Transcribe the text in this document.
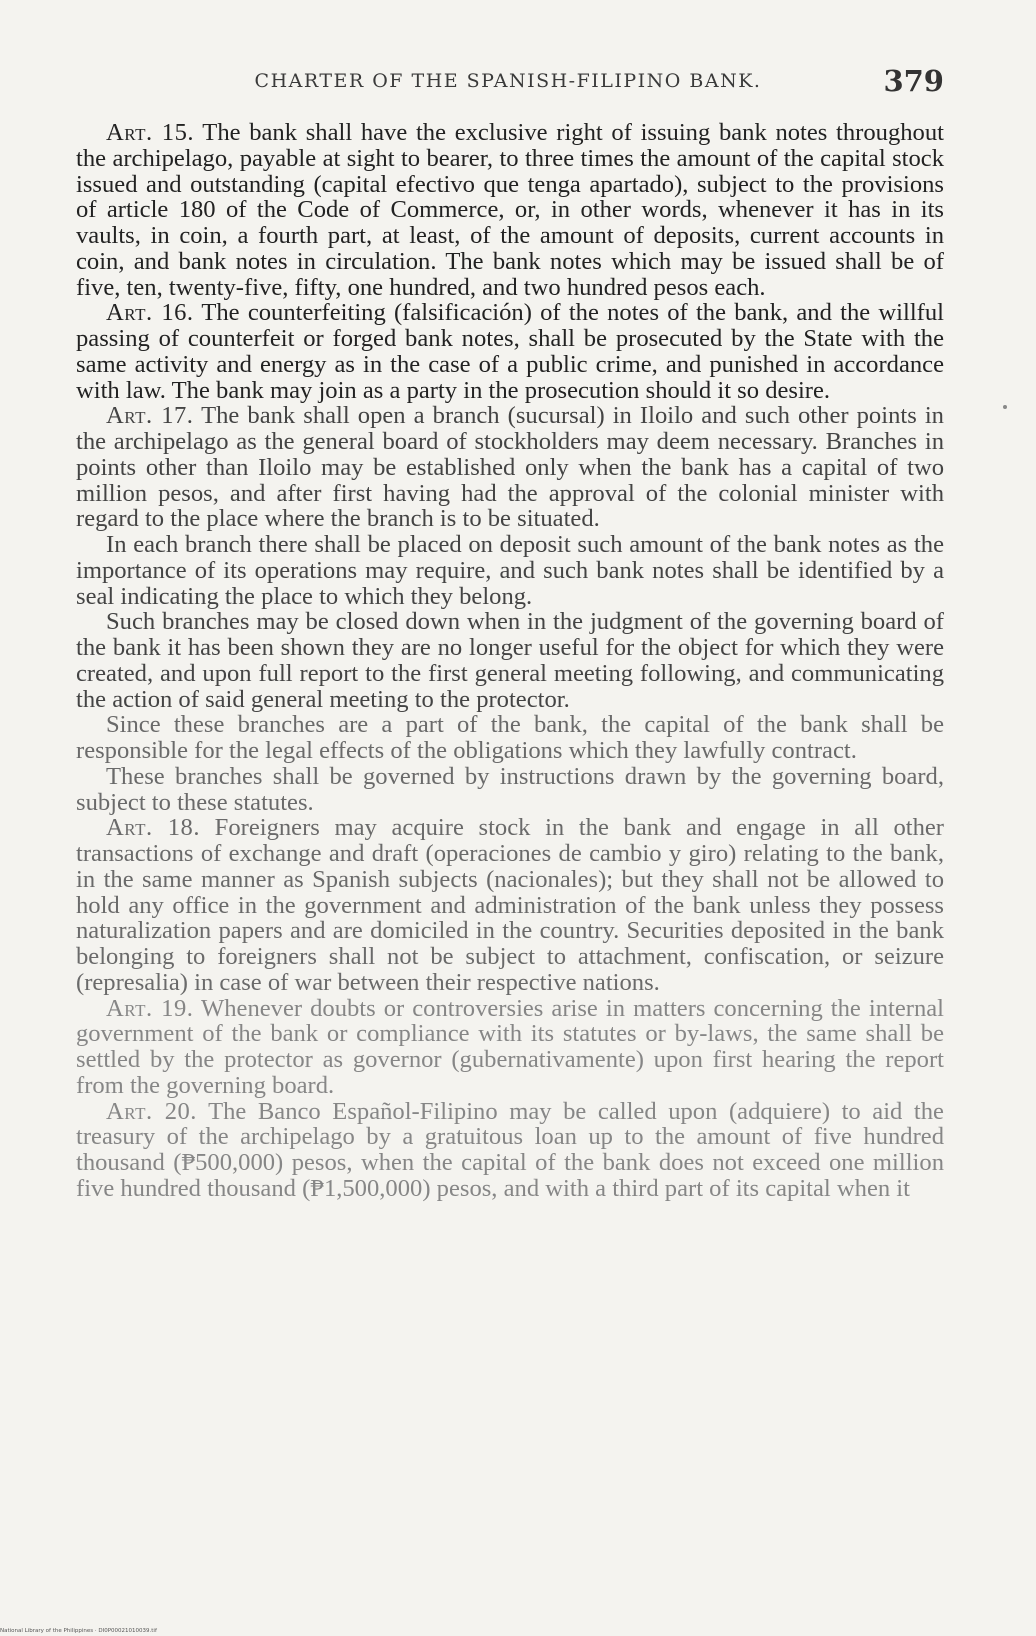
CHARTER OF THE SPANISH-FILIPINO BANK.	379

Art. 15. The bank shall have the exclusive right of issuing bank notes throughout the archipelago, payable at sight to bearer, to three times the amount of the capital stock issued and outstanding (capital efectivo que tenga apartado), subject to the provisions of article 180 of the Code of Commerce, or, in other words, whenever it has in its vaults, in coin, a fourth part, at least, of the amount of deposits, current accounts in coin, and bank notes in circulation. The bank notes which may be issued shall be of five, ten, twenty-five, fifty, one hundred, and two hundred pesos each.

Art. 16. The counterfeiting (falsificación) of the notes of the bank, and the willful passing of counterfeit or forged bank notes, shall be prosecuted by the State with the same activity and energy as in the case of a public crime, and punished in accordance with law. The bank may join as a party in the prosecution should it so desire.

Art. 17. The bank shall open a branch (sucursal) in Iloilo and such other points in the archipelago as the general board of stockholders may deem necessary. Branches in points other than Iloilo may be established only when the bank has a capital of two million pesos, and after first having had the approval of the colonial minister with regard to the place where the branch is to be situated.

In each branch there shall be placed on deposit such amount of the bank notes as the importance of its operations may require, and such bank notes shall be identified by a seal indicating the place to which they belong.

Such branches may be closed down when in the judgment of the governing board of the bank it has been shown they are no longer useful for the object for which they were created, and upon full report to the first general meeting following, and communicating the action of said general meeting to the protector.

Since these branches are a part of the bank, the capital of the bank shall be responsible for the legal effects of the obligations which they lawfully contract.

These branches shall be governed by instructions drawn by the governing board, subject to these statutes.

Art. 18. Foreigners may acquire stock in the bank and engage in all other transactions of exchange and draft (operaciones de cambio y giro) relating to the bank, in the same manner as Spanish subjects (nacionales); but they shall not be allowed to hold any office in the government and administration of the bank unless they possess naturalization papers and are domiciled in the country. Securities deposited in the bank belonging to foreigners shall not be subject to attachment, confiscation, or seizure (represalia) in case of war between their respective nations.

Art. 19. Whenever doubts or controversies arise in matters concerning the internal government of the bank or compliance with its statutes or by-laws, the same shall be settled by the protector as governor (gubernativamente) upon first hearing the report from the governing board.

Art. 20. The Banco Español-Filipino may be called upon (adquiere) to aid the treasury of the archipelago by a gratuitous loan up to the amount of five hundred thousand (₱500,000) pesos, when the capital of the bank does not exceed one million five hundred thousand (₱1,500,000) pesos, and with a third part of its capital when it

National Library of the Philippines · DI0P00021010039.tif
